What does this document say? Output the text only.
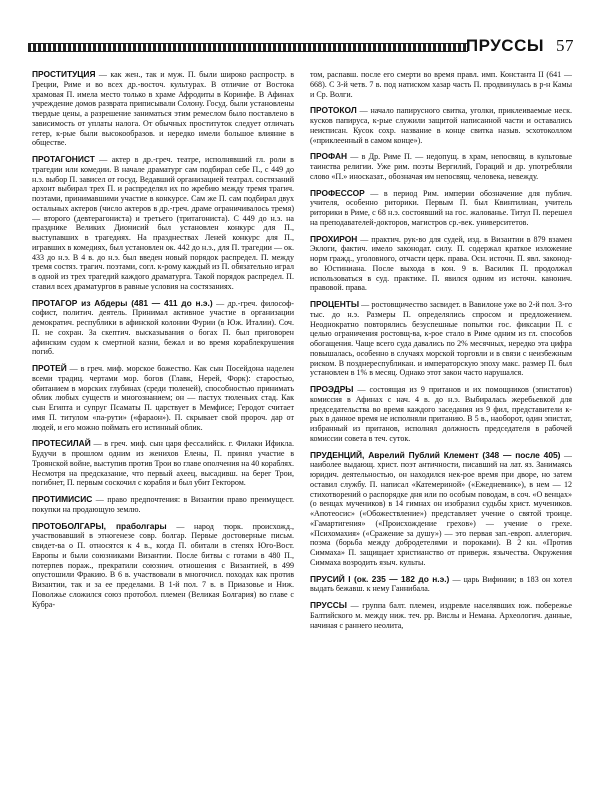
ПРУССЫ 57

ПРОСТИТУЦИЯ — как жен., так и муж. П. были широко распростр. в Греции, Риме и во всех др.-восточ. культурах. В отличие от Востока храмовая П. имела место только в храме Афродиты в Коринфе. В Афинах учреждение домов разврата приписывали Солону. Госуд. были установлены твердые цены, а разрешение заниматься этим ремеслом было поставлено в зависимость от уплаты налога. От обычных проституток следует отличать гетер, к-рые были высокообразов. и нередко имели большое влияние в обществе.

ПРОТАГОНИСТ — актер в др.-греч. театре, исполнявший гл. роли в трагедии или комедии. В начале драматург сам подбирал себе П., с 449 до н.э. выбор П. зависел от госуд. Ведавший организацией театрал. состязаний архонт выбирал трех П. и распределял их по жребию между тремя трагич. поэтами, принимавшими участие в конкурсе. Сам же П. сам подбирал двух остальных актеров (число актеров в др.-греч. драме ограничивалось тремя) — второго (девтерагониста) и третьего (тритагониста). С 449 до н.э. на празднике Великих Дионисий был установлен конкурс для П., выступавших в трагедиях. На празднествах Леней конкурс для П., игравших в комедиях, был установлен ок. 442 до н.э., для П. трагедии — ок. 433 до н.э. В 4 в. до н.э. был введен новый порядок распредел. П. между тремя состяз. трагич. поэтами, согл. к-рому каждый из П. обязательно играл в одной из трех трагедий каждого драматурга. Такой порядок распредел. П. ставил всех драматургов в равные условия на состязаниях.

ПРОТАГОР из Абдеры (481 — 411 до н.э.) — др.-греч. философ-софист, политич. деятель. Принимал активное участие в организации демократич. республики в афинской колонии Фурии (в Юж. Италии). Соч. П. не сохран. За скептич. высказывания о богах П. был приговорен афинским судом к смертной казни, бежал и во время кораблекрушения погиб.

ПРОТЕЙ — в греч. миф. морское божество. Как сын Посейдона наделен всеми традиц. чертами мор. богов (Главк, Нерей, Форк): старостью, обитанием в морских глубинах (среди тюленей), способностью принимать облик любых существ и многознанием; он — пастух тюленьих стад. Как сын Египта и супруг Псаматы П. царствует в Мемфисе; Геродот считает имя П. титулом «па-рути» («фараон»). П. скрывает свой пророч. дар от людей, и его можно поймать его истинный облик.

ПРОТЕСИЛАЙ — в греч. миф. сын царя фессалийск. г. Филаки Ификла. Будучи в прошлом одним из женихов Елены, П. принял участие в Троянской войне, выступив против Трои во главе ополчения на 40 кораблях. Несмотря на предсказание, что первый ахеец, высадивш. на берег Трои, погибнет, П. первым соскочил с корабля и был убит Гектором.

ПРОТИМИСИС — право предпочтения: в Византии право преимущест. покупки на продающую землю.

ПРОТОБОЛГАРЫ, праболгары — народ тюрк. происхожд., участвовавший в этногенезе совр. болгар. Первые достоверные письм. свидет-ва о П. относятся к 4 в., когда П. обитали в степях Юго-Вост. Европы и были союзниками Византии. После битвы с готами в 480 П., потерпев пораж., прекратили союзнич. отношения с Византией, в 499 опустошили Фракию. В 6 в. участвовали в многочисл. походах как против Византии, так и за ее пределами. В 1-й пол. 7 в. в Приазовье и Ниж. Поволжье сложился союз протобол. племен (Великая Болгария) во главе с Кубра-

том, распавш. после его смерти во время правл. имп. Константа II (641 — 668). С 3-й четв. 7 в. под натиском хазар часть П. продвинулась в р-н Камы и Ср. Волги.

ПРОТОКОЛ — начало папирусного свитка, уголки, приклеиваемые неск. кусков папируса, к-рые служили защитой написанной части и оставались неисписан. Кусок сохр. название в конце свитка назыв. эсхотоколлом («приклеенный в самом конце»).

ПРОФАН — в Др. Риме П. — недопущ. в храм, непосвящ. в культовые таинства религии. Уже рим. поэты Вергилий, Гораций и др. употребляли слово «П.» иносказат., обозначая им непосвящ. человека, невежду.

ПРОФЕССОР — в период Рим. империи обозначение для публич. учителя, особенно риторики. Первым П. был Квинтилиан, учитель риторики в Риме, с 68 н.э. состоявший на гос. жалованье. Титул П. перешел на преподавателей-докторов, магистров ср.-век. университетов.

ПРОХИРОН — практич. рук-во для судей, изд. в Византии в 879 взамен Эклоги, фактич. имело законодат. силу. П. содержал краткое изложение норм гражд., уголовного, отчасти церк. права. Осн. источн. П. явл. законод-во Юстиниана. После выхода в кон. 9 в. Василик П. продолжал использоваться в суд. практике. П. явился одним из источн. канонич. правовой. права.

ПРОЦЕНТЫ — ростовщичество засвидет. в Вавилоне уже во 2-й пол. 3-го тыс. до н.э. Размеры П. определялись спросом и предложением. Неоднократно повторялись безуспешные попытки гос. фиксации П. с целью ограничения ростовщ-ва, к-рое стало в Риме одним из гл. способов обогащения. Чаще всего суда давались по 2% месячных, нередко эта цифра повышалась, особенно в случаях морской торговли и в связи с неизбежным риском. В позднереспубликан. и императорскую эпоху макс. размер П. был установлен в 1% в месяц. Однако этот закон часто нарушался.

ПРОЭДРЫ — состоящая из 9 пританов и их помощников (эпистатов) комиссия в Афинах с нач. 4 в. до н.э. Выбиралась жеребьевкой для председательства во время каждого заседания из 9 фил, представители к-рых в данное время не исполняли пританию. В 5 в., наоборот, один эпистат, избранный из пританов, исполнял должность председателя в рабочей комиссии совета в теч. суток.

ПРУДЕНЦИЙ, Аврелий Публий Клемент (348 — после 405) — наиболее выдающ. христ. поэт античности, писавший на лат. яз. Занимаясь юридич. деятельностью, он находился нек-рое время при дворе, но затем оставил службу. П. написал «Катемериной» («Ежедневник»), в нем — 12 стихотворений о распорядке дня или по особым поводам, в соч. «О венцах» (о венцах мучеников) в 14 гимнах он изобразил судьбы христ. мучеников. «Апотеосис» («Обожествление») представляет учение о святой троице. «Гамартигения» («Происхождение грехов») — учение о грехе. «Психомахия» («Сражение за душу») — это первая зап.-европ. аллегорич. поэма (борьба между добродетелями и пороками). В 2 кн. «Против Симмаха» П. защищает христианство от приверж. язычества. Окружения Симмаха возродить языч. культы.

ПРУСИЙ I (ок. 235 — 182 до н.э.) — царь Вифинии; в 183 он хотел выдать бежавш. к нему Ганнибала.

ПРУССЫ — группа балт. племен, издревле населявших юж. побережье Балтийского м. между ниж. теч. рр. Вислы и Немана. Археологич. данные, начиная с раннего неолита,
